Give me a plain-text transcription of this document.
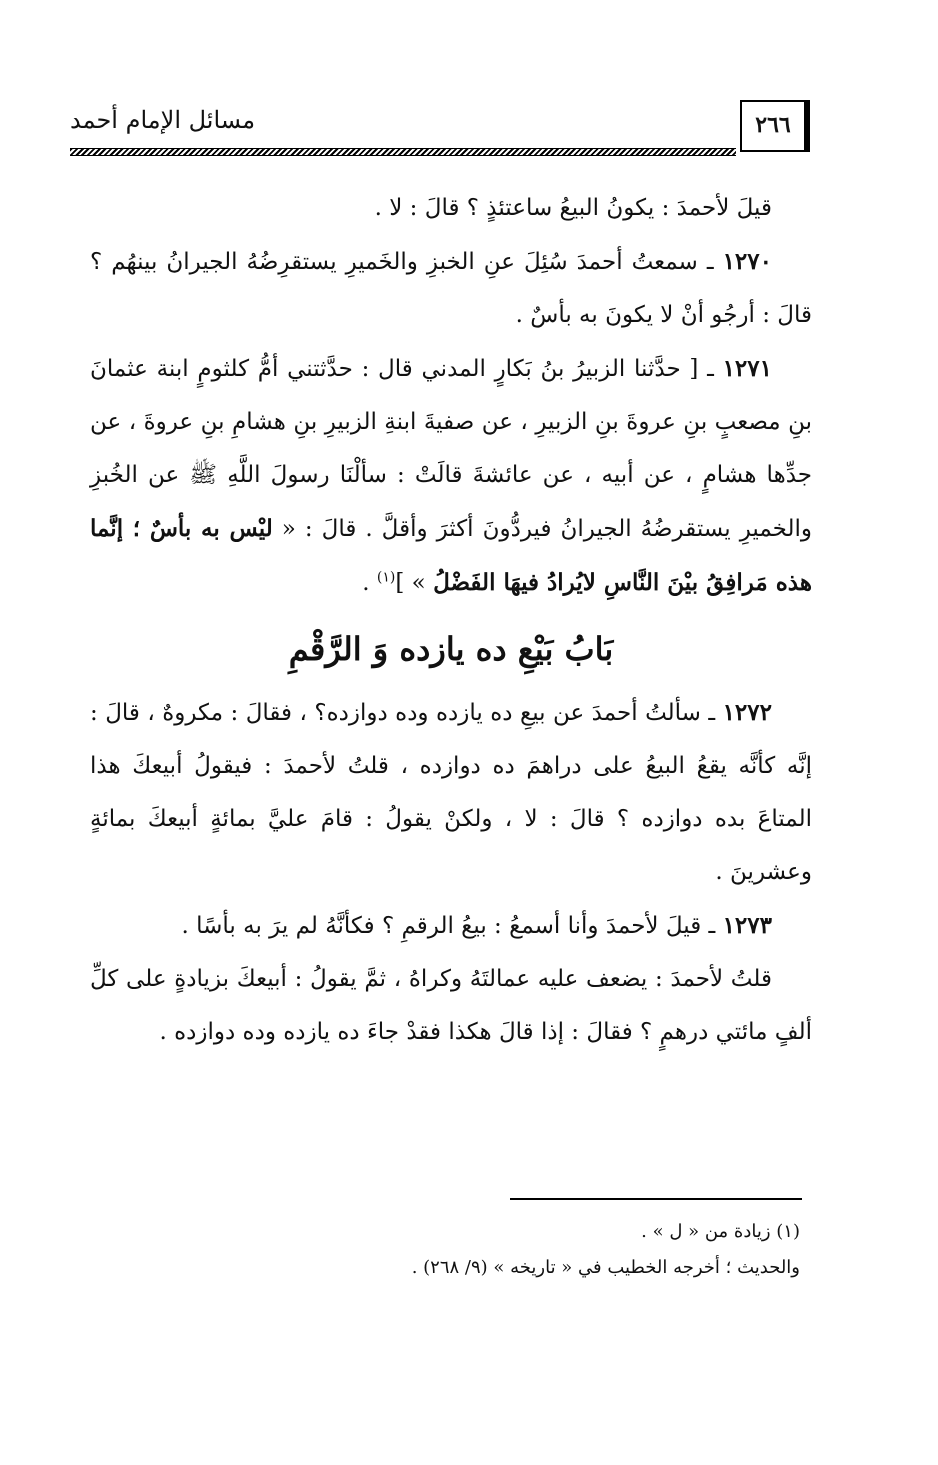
مسائل الإمام أحمد	٢٦٦

قيلَ لأحمدَ : يكونُ البيعُ ساعتئذٍ ؟ قالَ : لا .

١٢٧٠ ـ سمعتُ أحمدَ سُئِلَ عنِ الخبزِ والخَميرِ يستقرِضُهُ الجيرانُ بينهُم ؟ قالَ : أرجُو أنْ لا يكونَ به بأسٌ .

١٢٧١ ـ [ حدَّثنا الزبيرُ بنُ بَكارٍ المدني قال : حدَّثتني أمُّ كلثومٍ ابنة عثمانَ بنِ مصعبٍ بنِ عروةَ بنِ الزبيرِ ، عن صفيةَ ابنةِ الزبيرِ بنِ هشامِ بنِ عروةَ ، عن جدِّها هشامٍ ، عن أبيه ، عن عائشةَ قالَتْ : سألْنَا رسولَ اللَّهِ ﷺ عن الخُبزِ والخميرِ يستقرضُهُ الجيرانُ فيردُّونَ أكثرَ وأقلَّ . قالَ : « ليْس به بأسٌ ؛ إنَّما هذه مَرافِقُ بيْنَ النَّاسِ لايُرادُ فيهَا الفَضْلُ » ]$^{(١)}$ .

بَابُ بَيْعِ ده يازده وَ الرَّقْمِ

١٢٧٢ ـ سألتُ أحمدَ عن بيعِ ده يازده وده دوازده؟ ، فقالَ : مكروهٌ ، قالَ : إنَّه كأنَّه يقعُ البيعُ على دراهمَ ده دوازده ، قلتُ لأحمدَ : فيقولُ أبيعكَ هذا المتاعَ بده دوازده ؟ قالَ : لا ، ولكنْ يقولُ : قامَ عليَّ بمائةٍ أبيعكَ بمائةٍ وعشرينَ .

١٢٧٣ ـ قيلَ لأحمدَ وأنا أسمعُ : بيعُ الرقمِ ؟ فكأنَّهُ لم يرَ به بأسًا .

قلتُ لأحمدَ : يضعف عليه عمالتَهُ وكراهُ ، ثمَّ يقولُ : أبيعكَ بزيادةٍ على كلِّ ألفٍ مائتي درهمٍ ؟ فقالَ : إذا قالَ هكذا فقدْ جاءَ ده يازده وده دوازده .

(١) زيادة من « ل » .
والحديث ؛ أخرجه الخطيب في « تاريخه » (٩/ ٢٦٨) .
